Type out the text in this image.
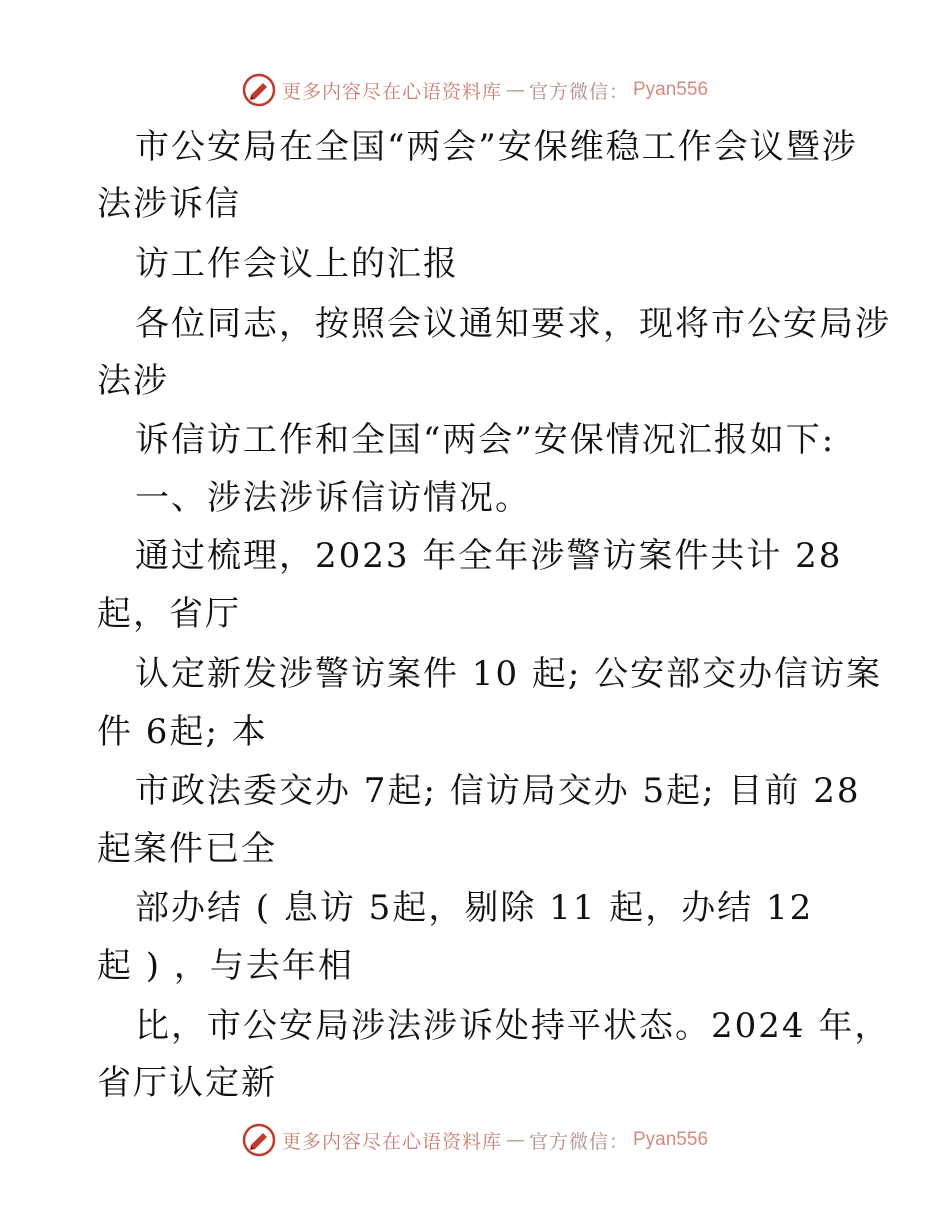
更多内容尽在心语资料库 — 官方微信： Pyan556
市公安局在全国“两会”安保维稳工作会议暨涉
法涉诉信
访工作会议上的汇报
各位同志，按照会议通知要求，现将市公安局涉
法涉
诉信访工作和全国“两会”安保情况汇报如下:
一、涉法涉诉信访情况。
通过梳理，2023 年全年涉警访案件共计 28
起，省厅
认定新发涉警访案件 10 起; 公安部交办信访案
件 6起; 本
市政法委交办 7起; 信访局交办 5起; 目前 28
起案件已全
部办结 ( 息访 5起，剔除 11 起，办结 12
起 ) ，与去年相
比，市公安局涉法涉诉处持平状态。2024 年，
省厅认定新
更多内容尽在心语资料库 — 官方微信： Pyan556
